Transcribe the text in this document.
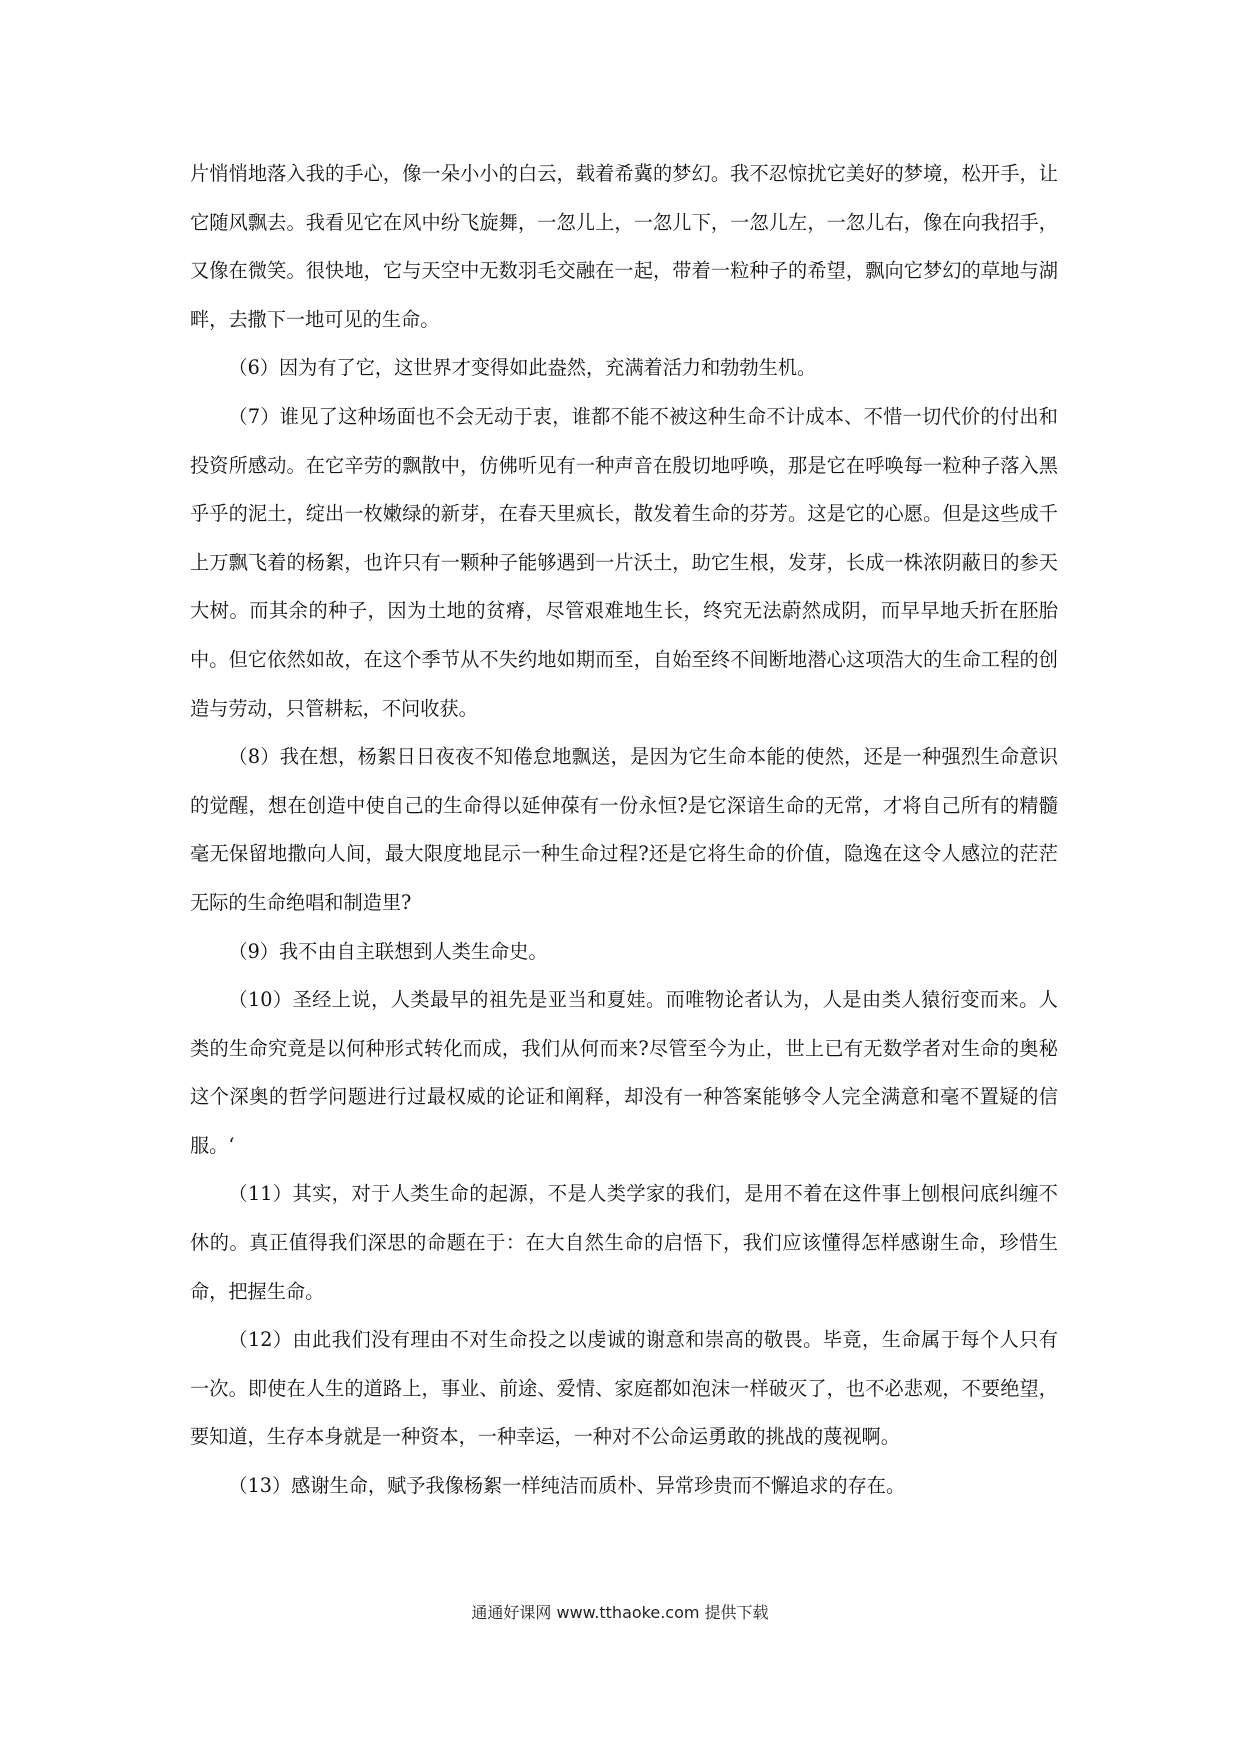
片悄悄地落入我的手心，像一朵小小的白云，载着希冀的梦幻。我不忍惊扰它美好的梦境，松开手，让它随风飘去。我看见它在风中纷飞旋舞，一忽儿上，一忽儿下，一忽儿左，一忽儿右，像在向我招手，又像在微笑。很快地，它与天空中无数羽毛交融在一起，带着一粒种子的希望，飘向它梦幻的草地与湖畔，去撒下一地可见的生命。

（6）因为有了它，这世界才变得如此盎然，充满着活力和勃勃生机。

（7）谁见了这种场面也不会无动于衷，谁都不能不被这种生命不计成本、不惜一切代价的付出和投资所感动。在它辛劳的飘散中，仿佛听见有一种声音在殷切地呼唤，那是它在呼唤每一粒种子落入黑乎乎的泥土，绽出一枚嫩绿的新芽，在春天里疯长，散发着生命的芬芳。这是它的心愿。但是这些成千上万飘飞着的杨絮，也许只有一颗种子能够遇到一片沃土，助它生根，发芽，长成一株浓阴蔽日的参天大树。而其余的种子，因为土地的贫瘠，尽管艰难地生长，终究无法蔚然成阴，而早早地夭折在胚胎中。但它依然如故，在这个季节从不失约地如期而至，自始至终不间断地潜心这项浩大的生命工程的创造与劳动，只管耕耘，不问收获。

（8）我在想，杨絮日日夜夜不知倦怠地飘送，是因为它生命本能的使然，还是一种强烈生命意识的觉醒，想在创造中使自己的生命得以延伸葆有一份永恒?是它深谙生命的无常，才将自己所有的精髓毫无保留地撒向人间，最大限度地昆示一种生命过程?还是它将生命的价值，隐逸在这令人感泣的茫茫无际的生命绝唱和制造里?

（9）我不由自主联想到人类生命史。

（10）圣经上说，人类最早的祖先是亚当和夏娃。而唯物论者认为，人是由类人猿衍变而来。人类的生命究竟是以何种形式转化而成，我们从何而来?尽管至今为止，世上已有无数学者对生命的奥秘这个深奥的哲学问题进行过最权威的论证和阐释，却没有一种答案能够令人完全满意和毫不置疑的信服。‘

（11）其实，对于人类生命的起源，不是人类学家的我们，是用不着在这件事上刨根问底纠缠不休的。真正值得我们深思的命题在于：在大自然生命的启悟下，我们应该懂得怎样感谢生命，珍惜生命，把握生命。

（12）由此我们没有理由不对生命投之以虔诚的谢意和崇高的敬畏。毕竟，生命属于每个人只有一次。即使在人生的道路上，事业、前途、爱情、家庭都如泡沫一样破灭了，也不必悲观，不要绝望，要知道，生存本身就是一种资本，一种幸运，一种对不公命运勇敢的挑战的蔑视啊。

（13）感谢生命，赋予我像杨絮一样纯洁而质朴、异常珍贵而不懈追求的存在。

通通好课网 www.tthaoke.com 提供下载
